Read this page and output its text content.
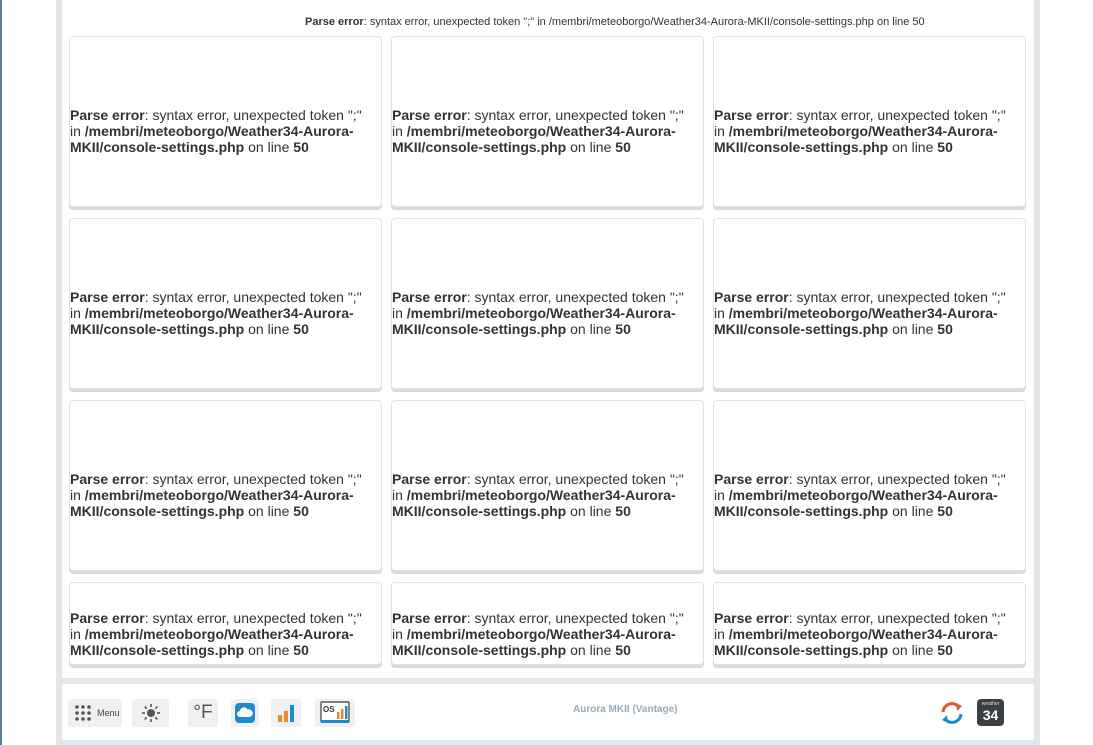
Parse error: syntax error, unexpected token ";" in /membri/meteoborgo/Weather34-Aurora-MKII/console-settings.php on line 50
Parse error: syntax error, unexpected token ";" in /membri/meteoborgo/Weather34-Aurora-MKII/console-settings.php on line 50
Parse error: syntax error, unexpected token ";" in /membri/meteoborgo/Weather34-Aurora-MKII/console-settings.php on line 50
Parse error: syntax error, unexpected token ";" in /membri/meteoborgo/Weather34-Aurora-MKII/console-settings.php on line 50
Parse error: syntax error, unexpected token ";" in /membri/meteoborgo/Weather34-Aurora-MKII/console-settings.php on line 50
Parse error: syntax error, unexpected token ";" in /membri/meteoborgo/Weather34-Aurora-MKII/console-settings.php on line 50
Parse error: syntax error, unexpected token ";" in /membri/meteoborgo/Weather34-Aurora-MKII/console-settings.php on line 50
Parse error: syntax error, unexpected token ";" in /membri/meteoborgo/Weather34-Aurora-MKII/console-settings.php on line 50
Parse error: syntax error, unexpected token ";" in /membri/meteoborgo/Weather34-Aurora-MKII/console-settings.php on line 50
Parse error: syntax error, unexpected token ";" in /membri/meteoborgo/Weather34-Aurora-MKII/console-settings.php on line 50
Parse error: syntax error, unexpected token ";" in /membri/meteoborgo/Weather34-Aurora-MKII/console-settings.php on line 50
Parse error: syntax error, unexpected token ";" in /membri/meteoborgo/Weather34-Aurora-MKII/console-settings.php on line 50
Parse error: syntax error, unexpected token ";" in /membri/meteoborgo/Weather34-Aurora-MKII/console-settings.php on line 50
Menu	°F	OS	Aurora MKII (Vantage)	weather
34
